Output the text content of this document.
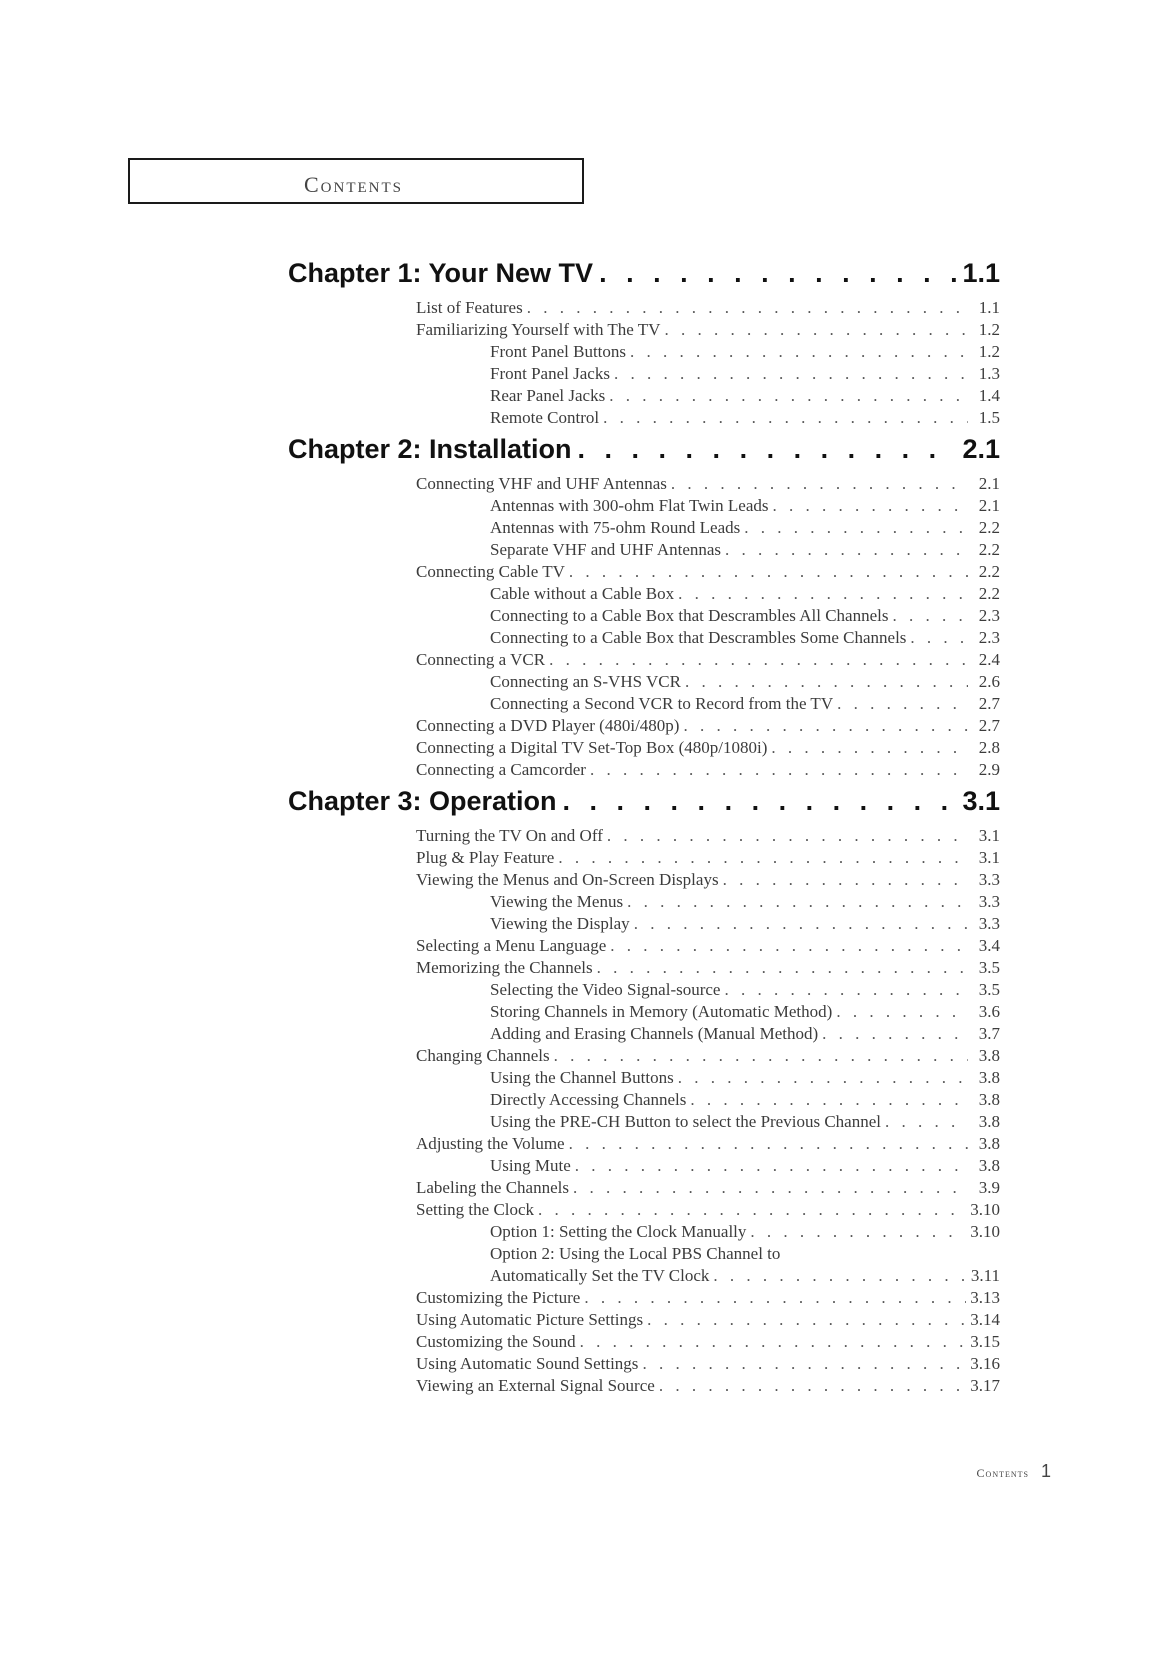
Contents
Chapter 1: Your New TV . . .	1.1
List of Features . . .	1.1
Familiarizing Yourself with The TV . . .	1.2
Front Panel Buttons . . .	1.2
Front Panel Jacks . . .	1.3
Rear Panel Jacks . . .	1.4
Remote Control . . .	1.5
Chapter 2: Installation . . .	2.1
Connecting VHF and UHF Antennas . . .	2.1
Antennas with 300-ohm Flat Twin Leads . . .	2.1
Antennas with 75-ohm Round Leads . . .	2.2
Separate VHF and UHF Antennas . . .	2.2
Connecting Cable TV . . .	2.2
Cable without a Cable Box . . .	2.2
Connecting to a Cable Box that Descrambles All Channels . . .	2.3
Connecting to a Cable Box that Descrambles Some Channels . . .	2.3
Connecting a VCR . . .	2.4
Connecting an S-VHS VCR . . .	2.6
Connecting a Second VCR to Record from the TV . . .	2.7
Connecting a DVD Player (480i/480p) . . .	2.7
Connecting a Digital TV Set-Top Box (480p/1080i) . . .	2.8
Connecting a Camcorder . . .	2.9
Chapter 3: Operation . . .	3.1
Turning the TV On and Off . . .	3.1
Plug & Play Feature . . .	3.1
Viewing the Menus and On-Screen Displays . . .	3.3
Viewing the Menus . . .	3.3
Viewing the Display . . .	3.3
Selecting a Menu Language . . .	3.4
Memorizing the Channels . . .	3.5
Selecting the Video Signal-source . . .	3.5
Storing Channels in Memory (Automatic Method) . . .	3.6
Adding and Erasing Channels (Manual Method) . . .	3.7
Changing Channels . . .	3.8
Using the Channel Buttons . . .	3.8
Directly Accessing Channels . . .	3.8
Using the PRE-CH Button to select the Previous Channel . . .	3.8
Adjusting the Volume . . .	3.8
Using Mute . . .	3.8
Labeling the Channels . . .	3.9
Setting the Clock . . .	3.10
Option 1: Setting the Clock Manually . . .	3.10
Option 2: Using the Local PBS Channel to
Automatically Set the TV Clock . . .	3.11
Customizing the Picture . . .	3.13
Using Automatic Picture Settings . . .	3.14
Customizing the Sound . . .	3.15
Using Automatic Sound Settings . . .	3.16
Viewing an External Signal Source . . .	3.17
Contents 1
